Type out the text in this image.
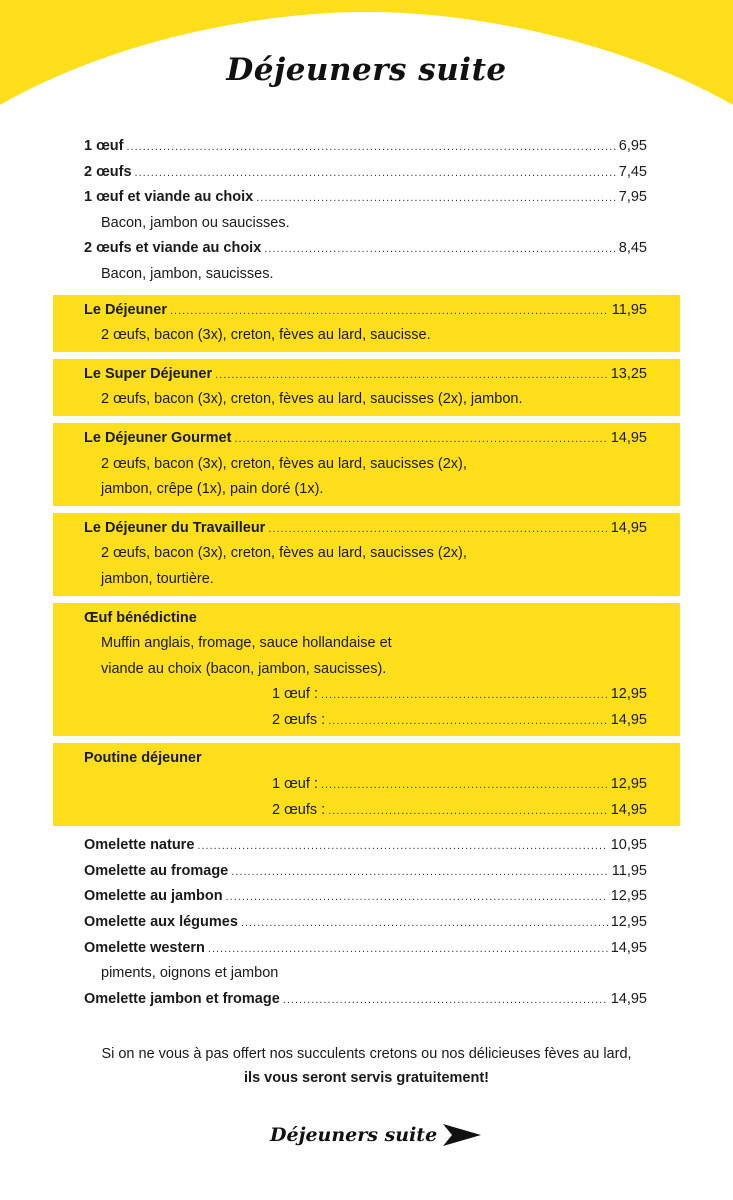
Déjeuners suite
1 œuf .....	6,95
2 œufs .....	7,45
1 œuf et viande au choix .....	7,95
Bacon, jambon ou saucisses.
2 œufs et viande au choix .....	8,45
Bacon, jambon, saucisses.
Le Déjeuner .....	11,95
2 œufs, bacon (3x), creton, fèves au lard, saucisse.
Le Super Déjeuner .....	13,25
2 œufs, bacon (3x), creton, fèves au lard, saucisses (2x), jambon.
Le Déjeuner Gourmet .....	14,95
2 œufs, bacon (3x), creton, fèves au lard, saucisses (2x),
jambon, crêpe (1x), pain doré (1x).
Le Déjeuner du Travailleur .....	14,95
2 œufs, bacon (3x), creton, fèves au lard, saucisses (2x),
jambon, tourtière.
Œuf bénédictine
Muffin anglais, fromage, sauce hollandaise et
viande au choix (bacon, jambon, saucisses).
1 œuf : .....	12,95
2 œufs : .....	14,95
Poutine déjeuner
1 œuf : .....	12,95
2 œufs : .....	14,95
Omelette nature .....	10,95
Omelette au fromage .....	11,95
Omelette au jambon .....	12,95
Omelette aux légumes .....	12,95
Omelette western .....	14,95
piments, oignons et jambon
Omelette jambon et fromage .....	14,95
Si on ne vous à pas offert nos succulents cretons ou nos délicieuses fèves au lard,
ils vous seront servis gratuitement!
Déjeuners suite
